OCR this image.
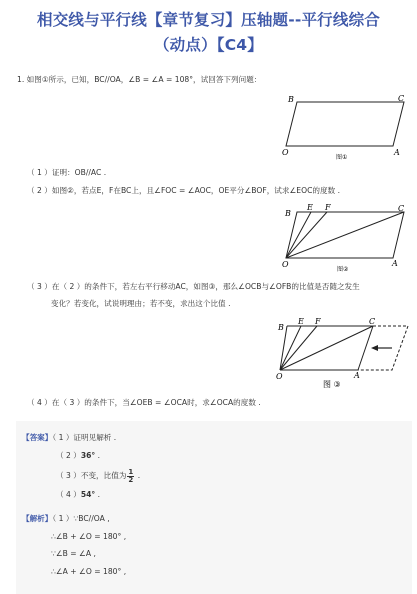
相交线与平行线【章节复习】压轴题--平行线综合
（动点）【C4】
1. 如图①所示，已知，BC//OA，∠B = ∠A = 108°，试回答下列问题：
B	C
O	A
图①
（ 1 ）证明：OB//AC .
（ 2 ）如图②，若点E，F在BC上，且∠FOC = ∠AOC，OE平分∠BOF，试求∠EOC的度数 .
B
E F	C
O	A
图②
（ 3 ）在（ 2 ）的条件下，若左右平行移动AC，如图③，那么∠OCB与∠OFB的比值是否随之发生
变化？若变化，试说明理由；若不变，求出这个比值 .
B
E F	C
O	A
图 ③
（ 4 ）在（ 3 ）的条件下，当∠OEB = ∠OCA时，求∠OCA的度数 .
【答案】（ 1 ）证明见解析 .
（ 2 ）36° .
（ 3 ）不变，比值为 $\frac{1}{2}$ .
（ 4 ）54° .
【解析】（ 1 ）∵BC//OA ,
∴∠B + ∠O = 180° ,
∵∠B = ∠A ,
∴∠A + ∠O = 180° ,
